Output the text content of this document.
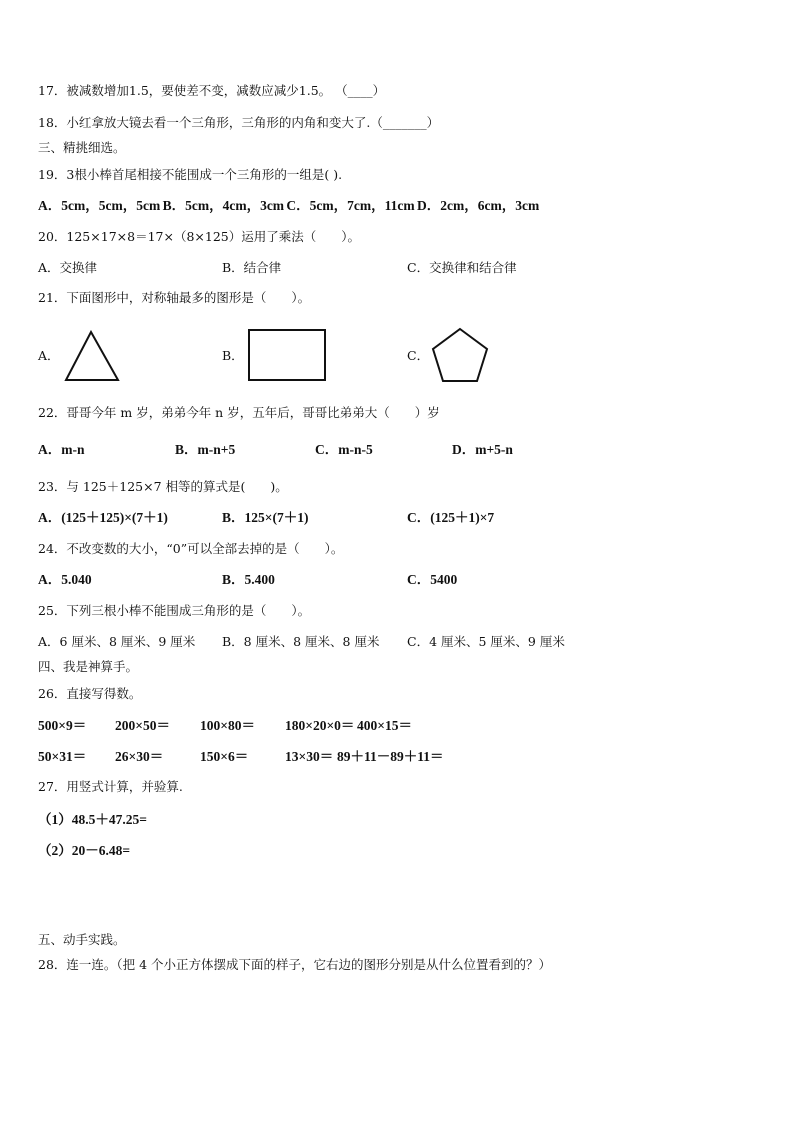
17．被减数增加1.5，要使差不变，减数应减少1.5。 （____）
18．小红拿放大镜去看一个三角形，三角形的内角和变大了.（_______）
三、精挑细选。
19．3根小棒首尾相接不能围成一个三角形的一组是( ).
A．5cm，5cm，5cm B．5cm，4cm，3cm C．5cm，7cm，11cm D．2cm，6cm，3cm
20．125×17×8＝17×（8×125）运用了乘法（　　）。
A．交换律	B．结合律	C．交换律和结合律
21．下面图形中，对称轴最多的图形是（　　）。
A．	B．	C．
22．哥哥今年 m 岁，弟弟今年 n 岁，五年后，哥哥比弟弟大（　　）岁
A．m-n	B．m-n+5	C．m-n-5	D．m+5-n
23．与 125＋125×7 相等的算式是(　　)。
A．(125＋125)×(7＋1)	B．125×(7＋1)	C．(125＋1)×7
24．不改变数的大小，“0”可以全部去掉的是（　　）。
A．5.040	B．5.400	C．5400
25．下列三根小棒不能围成三角形的是（　　）。
A．6 厘米、8 厘米、9 厘米 B．8 厘米、8 厘米、8 厘米 C．4 厘米、5 厘米、9 厘米
四、我是神算手。
26．直接写得数。
500×9＝ 200×50＝ 100×80＝ 180×20×0＝ 400×15＝
50×31＝ 26×30＝	150×6＝	13×30＝ 89＋11－89＋11＝
27．用竖式计算，并验算.
（1）48.5＋47.25=
（2）20－6.48=
五、动手实践。
28．连一连。（把 4 个小正方体摆成下面的样子，它右边的图形分别是从什么位置看到的？）
